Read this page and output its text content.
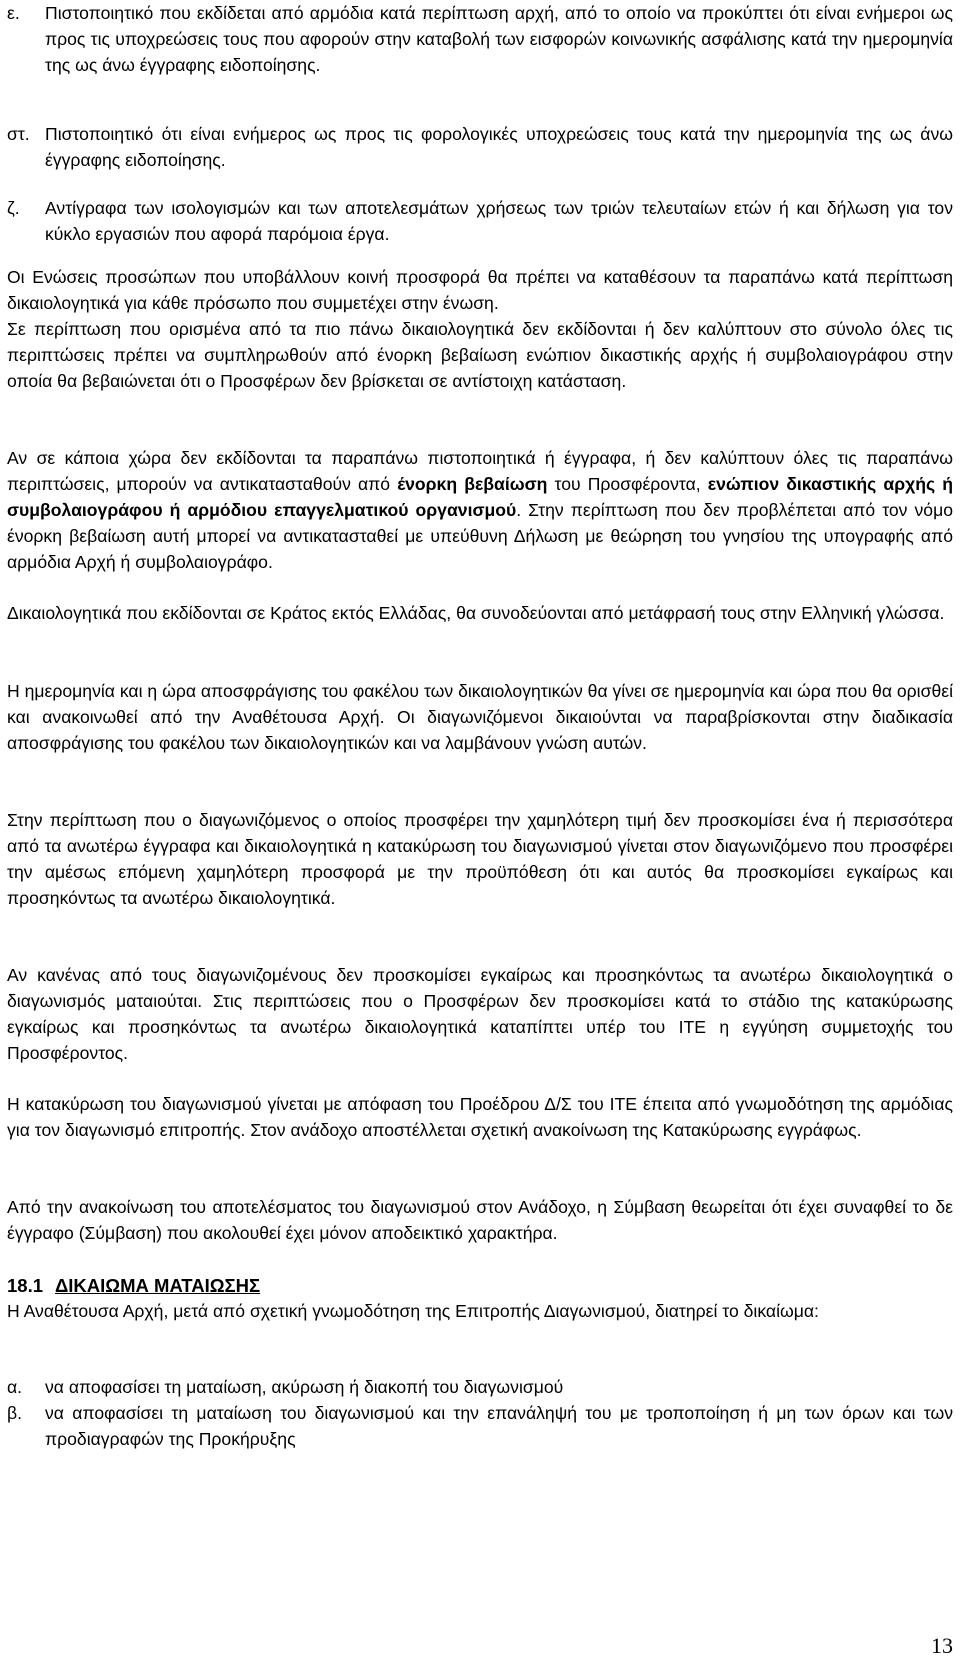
ε.	Πιστοποιητικό που εκδίδεται από αρμόδια κατά περίπτωση αρχή, από το οποίο να προκύπτει ότι είναι ενήμεροι ως προς τις υποχρεώσεις τους που αφορούν στην καταβολή των εισφορών κοινωνικής ασφάλισης κατά την ημερομηνία της ως άνω έγγραφης ειδοποίησης.
στ. Πιστοποιητικό ότι είναι ενήμερος ως προς τις φορολογικές υποχρεώσεις τους κατά την ημερομηνία της ως άνω έγγραφης ειδοποίησης.
ζ.	Αντίγραφα των ισολογισμών και των αποτελεσμάτων χρήσεως των τριών τελευταίων ετών ή και δήλωση για τον κύκλο εργασιών που αφορά παρόμοια έργα.

Οι Ενώσεις προσώπων που υποβάλλουν κοινή προσφορά θα πρέπει να καταθέσουν τα παραπάνω κατά περίπτωση δικαιολογητικά για κάθε πρόσωπο που συμμετέχει στην ένωση.

Σε περίπτωση που ορισμένα από τα πιο πάνω δικαιολογητικά δεν εκδίδονται ή δεν καλύπτουν στο σύνολο όλες τις περιπτώσεις πρέπει να συμπληρωθούν από ένορκη βεβαίωση ενώπιον δικαστικής αρχής ή συμβολαιογράφου στην οποία θα βεβαιώνεται ότι ο Προσφέρων δεν βρίσκεται σε αντίστοιχη κατάσταση.

Αν σε κάποια χώρα δεν εκδίδονται τα παραπάνω πιστοποιητικά ή έγγραφα, ή δεν καλύπτουν όλες τις παραπάνω περιπτώσεις, μπορούν να αντικατασταθούν από ένορκη βεβαίωση του Προσφέροντα, ενώπιον δικαστικής αρχής ή συμβολαιογράφου ή αρμόδιου επαγγελματικού οργανισμού. Στην περίπτωση που δεν προβλέπεται από τον νόμο ένορκη βεβαίωση αυτή μπορεί να αντικατασταθεί με υπεύθυνη Δήλωση με θεώρηση του γνησίου της υπογραφής από αρμόδια Αρχή ή συμβολαιογράφο.

Δικαιολογητικά που εκδίδονται σε Κράτος εκτός Ελλάδας, θα συνοδεύονται από μετάφρασή τους στην Ελληνική γλώσσα.

Η ημερομηνία και η ώρα αποσφράγισης του φακέλου των δικαιολογητικών θα γίνει σε ημερομηνία και ώρα που θα ορισθεί και ανακοινωθεί από την Αναθέτουσα Αρχή. Οι διαγωνιζόμενοι δικαιούνται να παραβρίσκονται στην διαδικασία αποσφράγισης του φακέλου των δικαιολογητικών και να λαμβάνουν γνώση αυτών.

Στην περίπτωση που ο διαγωνιζόμενος ο οποίος προσφέρει την χαμηλότερη τιμή δεν προσκομίσει ένα ή περισσότερα από τα ανωτέρω έγγραφα και δικαιολογητικά η κατακύρωση του διαγωνισμού γίνεται στον διαγωνιζόμενο που προσφέρει την αμέσως επόμενη χαμηλότερη προσφορά με την προϋπόθεση ότι και αυτός θα προσκομίσει εγκαίρως και προσηκόντως τα ανωτέρω δικαιολογητικά.

Αν κανένας από τους διαγωνιζομένους δεν προσκομίσει εγκαίρως και προσηκόντως τα ανωτέρω δικαιολογητικά ο διαγωνισμός ματαιούται. Στις περιπτώσεις που ο Προσφέρων δεν προσκομίσει κατά το στάδιο της κατακύρωσης εγκαίρως και προσηκόντως τα ανωτέρω δικαιολογητικά καταπίπτει υπέρ του ΙΤΕ η εγγύηση συμμετοχής του Προσφέροντος.

Η κατακύρωση του διαγωνισμού γίνεται με απόφαση του Προέδρου Δ/Σ του ΙΤΕ έπειτα από γνωμοδότηση της αρμόδιας για τον διαγωνισμό επιτροπής. Στον ανάδοχο αποστέλλεται σχετική ανακοίνωση της Κατακύρωσης εγγράφως.

Από την ανακοίνωση του αποτελέσματος του διαγωνισμού στον Ανάδοχο, η Σύμβαση θεωρείται ότι έχει συναφθεί το δε έγγραφο (Σύμβαση) που ακολουθεί έχει μόνον αποδεικτικό χαρακτήρα.

18.1 ΔΙΚΑΙΩΜΑ ΜΑΤΑΙΩΣΗΣ

Η Αναθέτουσα Αρχή, μετά από σχετική γνωμοδότηση της Επιτροπής Διαγωνισμού, διατηρεί το δικαίωμα:

α.	να αποφασίσει τη ματαίωση, ακύρωση ή διακοπή του διαγωνισμού
β.	να αποφασίσει τη ματαίωση του διαγωνισμού και την επανάληψή του με τροποποίηση ή μη των όρων και των προδιαγραφών της Προκήρυξης
13
